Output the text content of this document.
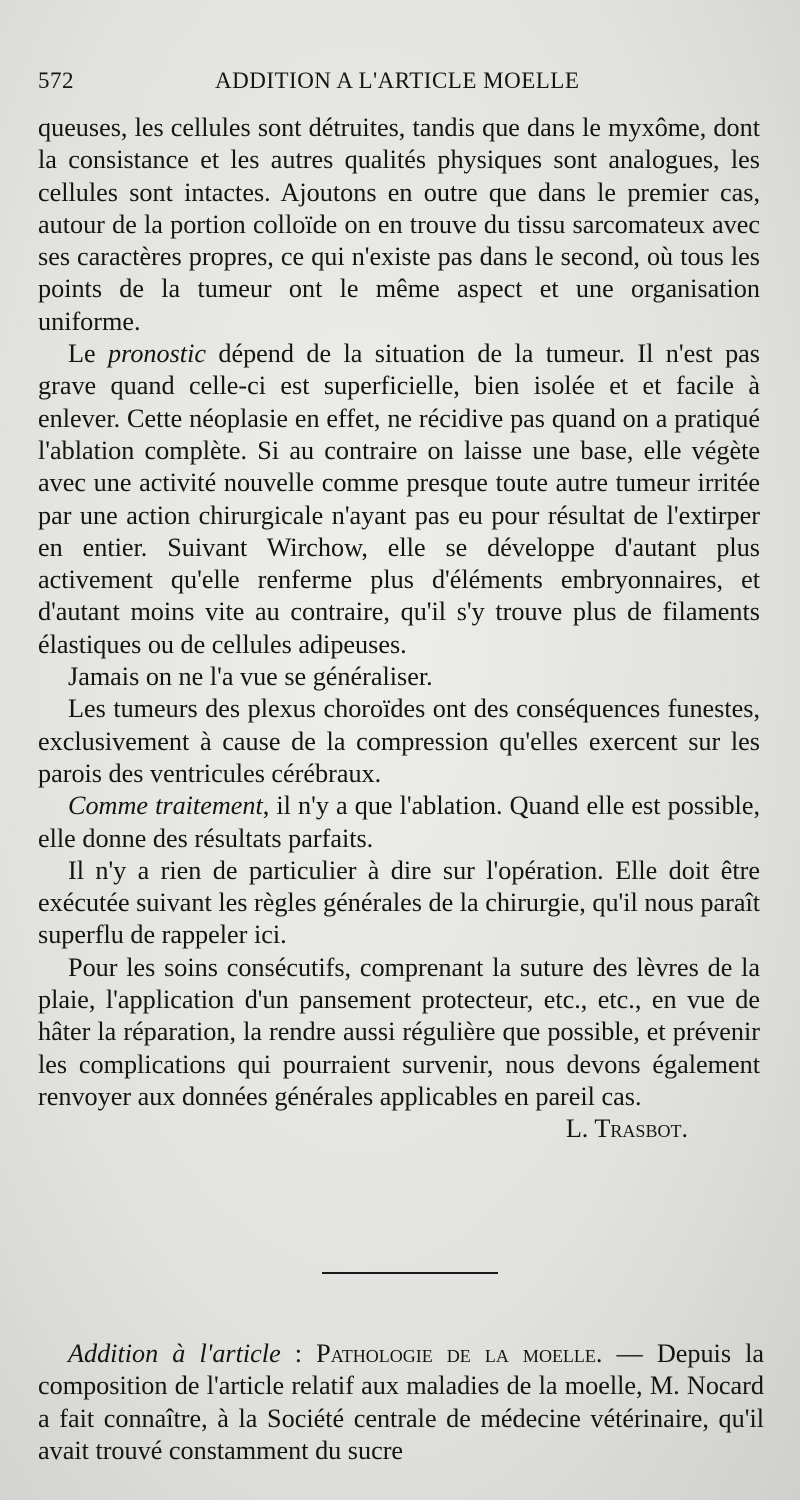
572	ADDITION A L'ARTICLE MOELLE

queuses, les cellules sont détruites, tandis que dans le myxôme, dont la consistance et les autres qualités physiques sont analogues, les cellules sont intactes. Ajoutons en outre que dans le premier cas, autour de la portion colloïde on en trouve du tissu sarcomateux avec ses caractères propres, ce qui n'existe pas dans le second, où tous les points de la tumeur ont le même aspect et une organisation uniforme.

Le pronostic dépend de la situation de la tumeur. Il n'est pas grave quand celle-ci est superficielle, bien isolée et et facile à enlever. Cette néoplasie en effet, ne récidive pas quand on a pratiqué l'ablation complète. Si au contraire on laisse une base, elle végète avec une activité nouvelle comme presque toute autre tumeur irritée par une action chirurgicale n'ayant pas eu pour résultat de l'extirper en entier. Suivant Wirchow, elle se développe d'autant plus activement qu'elle renferme plus d'éléments embryonnaires, et d'autant moins vite au contraire, qu'il s'y trouve plus de filaments élastiques ou de cellules adipeuses.

Jamais on ne l'a vue se généraliser.

Les tumeurs des plexus choroïdes ont des conséquences funestes, exclusivement à cause de la compression qu'elles exercent sur les parois des ventricules cérébraux.

Comme traitement, il n'y a que l'ablation. Quand elle est possible, elle donne des résultats parfaits.

Il n'y a rien de particulier à dire sur l'opération. Elle doit être exécutée suivant les règles générales de la chirurgie, qu'il nous paraît superflu de rappeler ici.

Pour les soins consécutifs, comprenant la suture des lèvres de la plaie, l'application d'un pansement protecteur, etc., etc., en vue de hâter la réparation, la rendre aussi régulière que possible, et prévenir les complications qui pourraient survenir, nous devons également renvoyer aux données générales applicables en pareil cas.

L. Trasbot.

Addition à l'article : Pathologie de la moelle. — Depuis la composition de l'article relatif aux maladies de la moelle, M. Nocard a fait connaître, à la Société centrale de médecine vétérinaire, qu'il avait trouvé constamment du sucre
